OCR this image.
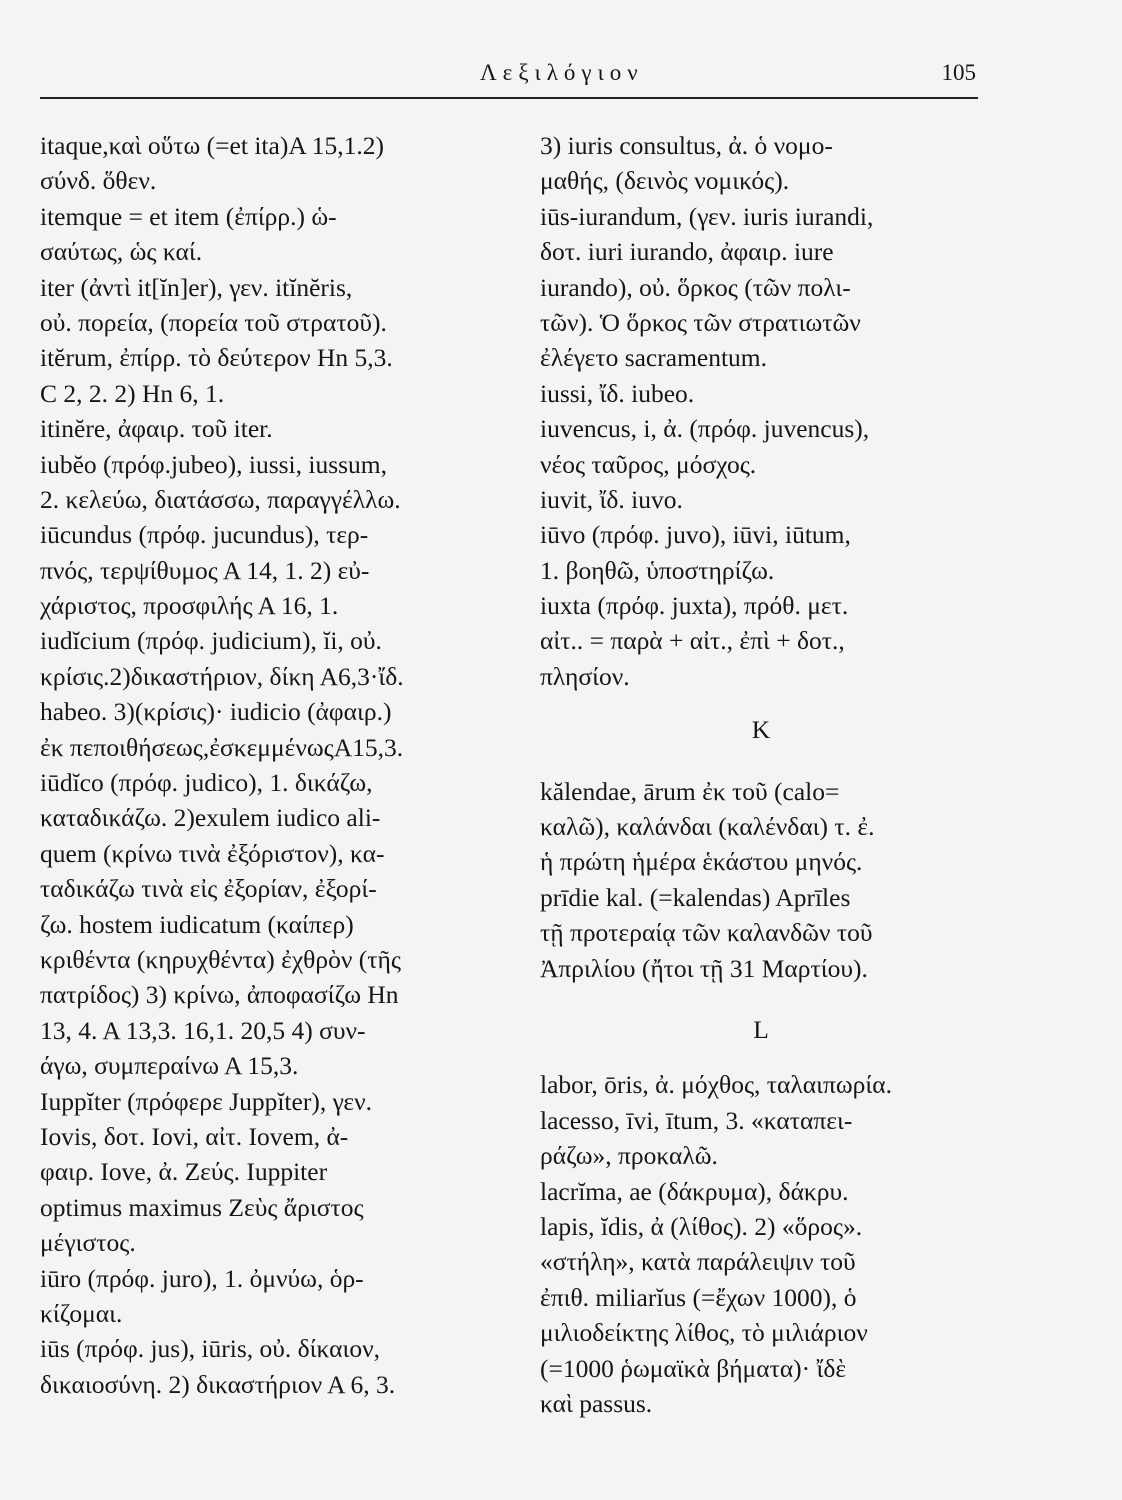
Λεξιλόγιον	105
itaque,καὶ οὕτω (=et ita)A 15,1.2)
σύνδ. ὅθεν.
itemque = et item (ἐπίρρ.) ὡ-
σαύτως, ὡς καί.
iter (ἀντὶ it[ĭn]er), γεν. itĭnĕris,
οὐ. πορεία, (πορεία τοῦ στρατοῦ).
itĕrum, ἐπίρρ. τὸ δεύτερον Hn 5,3.
C 2, 2. 2) Hn 6, 1.
itinĕre, ἀφαιρ. τοῦ iter.
iubĕo (πρόφ.jubeo), iussi, iussum,
2. κελεύω, διατάσσω, παραγγέλλω.
iūcundus (πρόφ. jucundus), τερ-
πνός, τερψίθυμος Α 14, 1. 2) εὐ-
χάριστος, προσφιλής Α 16, 1.
iudĭcium (πρόφ. judicium), ĭi, οὐ.
κρίσις.2)δικαστήριον, δίκη Α6,3·ἴδ.
habeo. 3)(κρίσις)· iudicio (ἀφαιρ.)
ἐκ πεποιθήσεως,ἐσκεμμένωςΑ15,3.
iūdĭco (πρόφ. judico), 1. δικάζω,
καταδικάζω. 2)exulem iudico ali-
quem (κρίνω τινὰ ἐξόριστον), κα-
ταδικάζω τινὰ εἰς ἐξορίαν, ἐξορί-
ζω. hostem iudicatum (καίπερ)
κριθέντα (κηρυχθέντα) ἐχθρὸν (τῆς
πατρίδος) 3) κρίνω, ἀποφασίζω Hn
13, 4. Α 13,3. 16,1. 20,5 4) συν-
άγω, συμπεραίνω Α 15,3.
Iuppĭter (πρόφερε Juppĭter), γεν.
Iovis, δοτ. Iovi, αἰτ. Iovem, ἀ-
φαιρ. Iove, ἀ. Ζεύς. Iuppiter
optimus maximus Ζεὺς ἄριστος
μέγιστος.
iūro (πρόφ. juro), 1. ὀμνύω, ὁρ-
κίζομαι.
iūs (πρόφ. jus), iūris, οὐ. δίκαιον,
δικαιοσύνη. 2) δικαστήριον Α 6, 3.
3) iuris consultus, ἀ. ὁ νομο-
μαθής, (δεινὸς νομικός).
iūs-iurandum, (γεν. iuris iurandi,
δοτ. iuri iurando, ἀφαιρ. iure
iurando), οὐ. ὅρκος (τῶν πολι-
τῶν). Ὁ ὅρκος τῶν στρατιωτῶν
ἐλέγετο sacramentum.
iussi, ἴδ. iubeo.
iuvencus, i, ἀ. (πρόφ. juvencus),
νέος ταῦρος, μόσχος.
iuvit, ἴδ. iuvo.
iūvo (πρόφ. juvo), iūvi, iūtum,
1. βοηθῶ, ὑποστηρίζω.
iuxta (πρόφ. juxta), πρόθ. μετ.
αἰτ.. = παρὰ + αἰτ., ἐπὶ + δοτ.,
πλησίον.
K
kălendae, ārum ἐκ τοῦ (calo=
καλῶ), καλάνδαι (καλένδαι) τ. ἐ.
ἡ πρώτη ἡμέρα ἑκάστου μηνός.
prīdie kal. (=kalendas) Aprīles
τῇ προτεραίᾳ τῶν καλανδῶν τοῦ
Ἀπριλίου (ἤτοι τῇ 31 Μαρτίου).
L
labor, ōris, ἀ. μόχθος, ταλαιπωρία.
lacesso, īvi, ītum, 3. «καταπει-
ράζω», προκαλῶ.
lacrĭma, ae (δάκρυμα), δάκρυ.
lapis, ĭdis, ἀ (λίθος). 2) «ὅρος».
«στήλη», κατὰ παράλειψιν τοῦ
ἐπιθ. miliarĭus (=ἔχων 1000), ὁ
μιλιοδείκτης λίθος, τὸ μιλιάριον
(=1000 ῥωμαϊκὰ βήματα)· ἴδὲ
καὶ passus.
